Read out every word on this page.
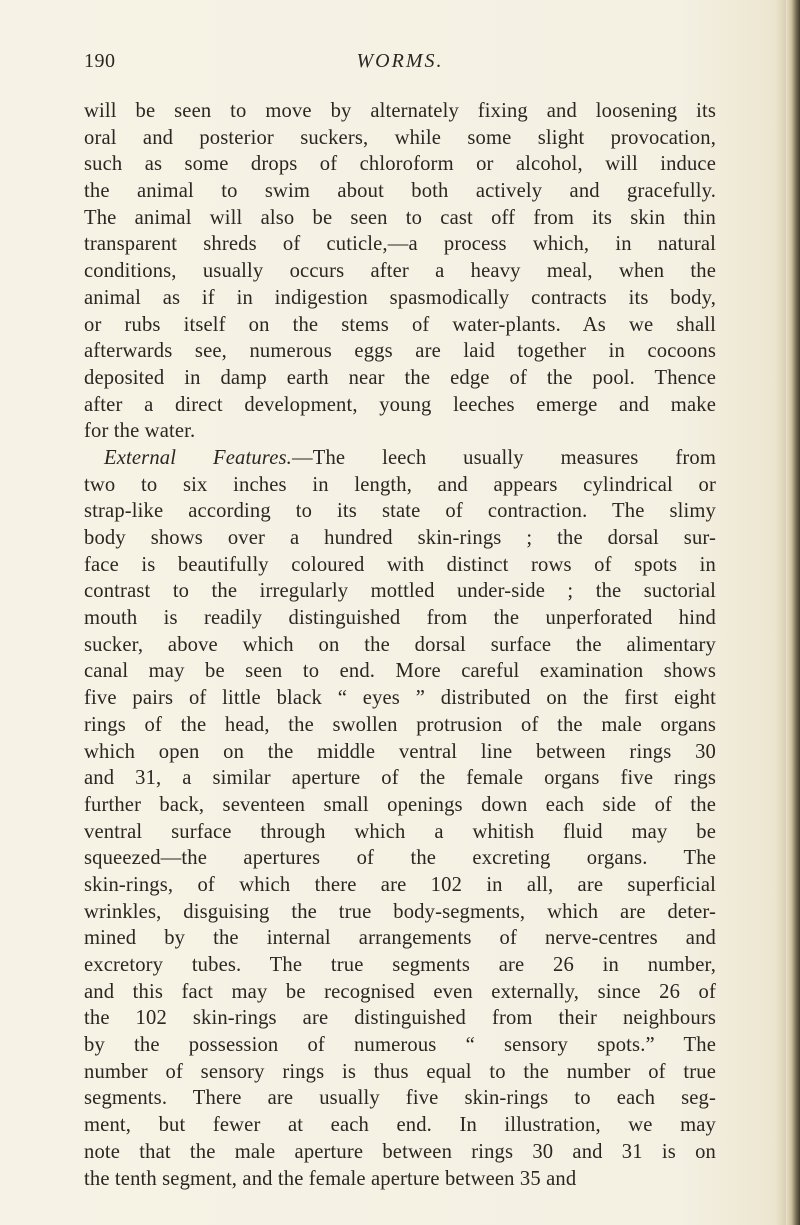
190	WORMS.
will be seen to move by alternately fixing and loosening its
oral and posterior suckers, while some slight provocation,
such as some drops of chloroform or alcohol, will induce
the animal to swim about both actively and gracefully.
The animal will also be seen to cast off from its skin thin
transparent shreds of cuticle,—a process which, in natural
conditions, usually occurs after a heavy meal, when the
animal as if in indigestion spasmodically contracts its body,
or rubs itself on the stems of water-plants. As we shall
afterwards see, numerous eggs are laid together in cocoons
deposited in damp earth near the edge of the pool. Thence
after a direct development, young leeches emerge and make
for the water.
External Features.—The leech usually measures from
two to six inches in length, and appears cylindrical or
strap-like according to its state of contraction. The slimy
body shows over a hundred skin-rings ; the dorsal sur-
face is beautifully coloured with distinct rows of spots in
contrast to the irregularly mottled under-side ; the suctorial
mouth is readily distinguished from the unperforated hind
sucker, above which on the dorsal surface the alimentary
canal may be seen to end. More careful examination shows
five pairs of little black “ eyes ” distributed on the first eight
rings of the head, the swollen protrusion of the male organs
which open on the middle ventral line between rings 30
and 31, a similar aperture of the female organs five rings
further back, seventeen small openings down each side of the
ventral surface through which a whitish fluid may be
squeezed—the apertures of the excreting organs. The
skin-rings, of which there are 102 in all, are superficial
wrinkles, disguising the true body-segments, which are deter-
mined by the internal arrangements of nerve-centres and
excretory tubes. The true segments are 26 in number,
and this fact may be recognised even externally, since 26 of
the 102 skin-rings are distinguished from their neighbours
by the possession of numerous “ sensory spots.” The
number of sensory rings is thus equal to the number of true
segments. There are usually five skin-rings to each seg-
ment, but fewer at each end. In illustration, we may
note that the male aperture between rings 30 and 31 is on
the tenth segment, and the female aperture between 35 and
